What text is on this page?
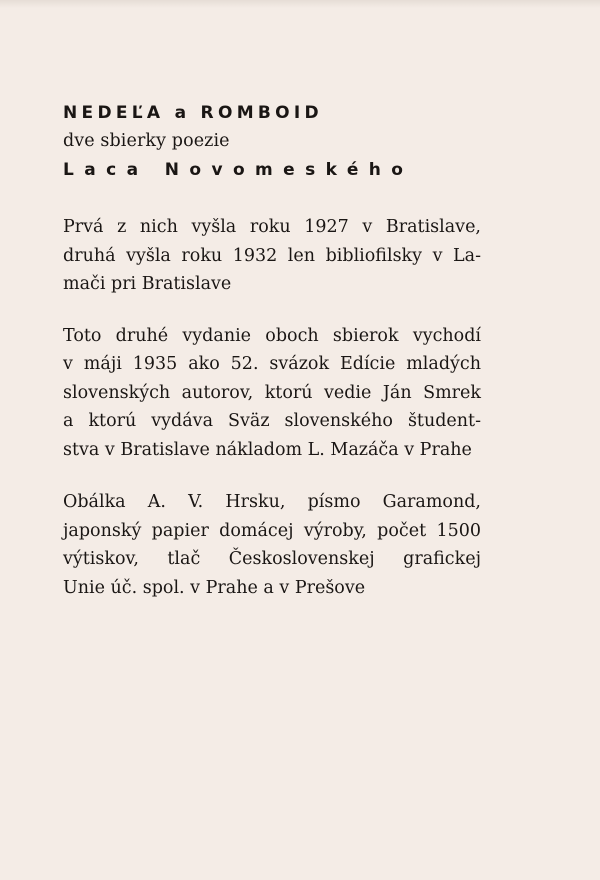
NEDEĽA a ROMBOID

dve sbierky poezie

Laca Novomeského

Prvá z nich vyšla roku 1927 v Bratislave,
druhá vyšla roku 1932 len bibliofilsky v La-
mači pri Bratislave

Toto druhé vydanie oboch sbierok vychodí
v máji 1935 ako 52. svázok Edície mladých
slovenských autorov, ktorú vedie Ján Smrek
a ktorú vydáva Sväz slovenského študent-
stva v Bratislave nákladom L. Mazáča v Prahe

Obálka A. V. Hrsku, písmo Garamond,
japonský papier domácej výroby, počet 1500
výtiskov, tlač Československej grafickej
Unie úč. spol. v Prahe a v Prešove
